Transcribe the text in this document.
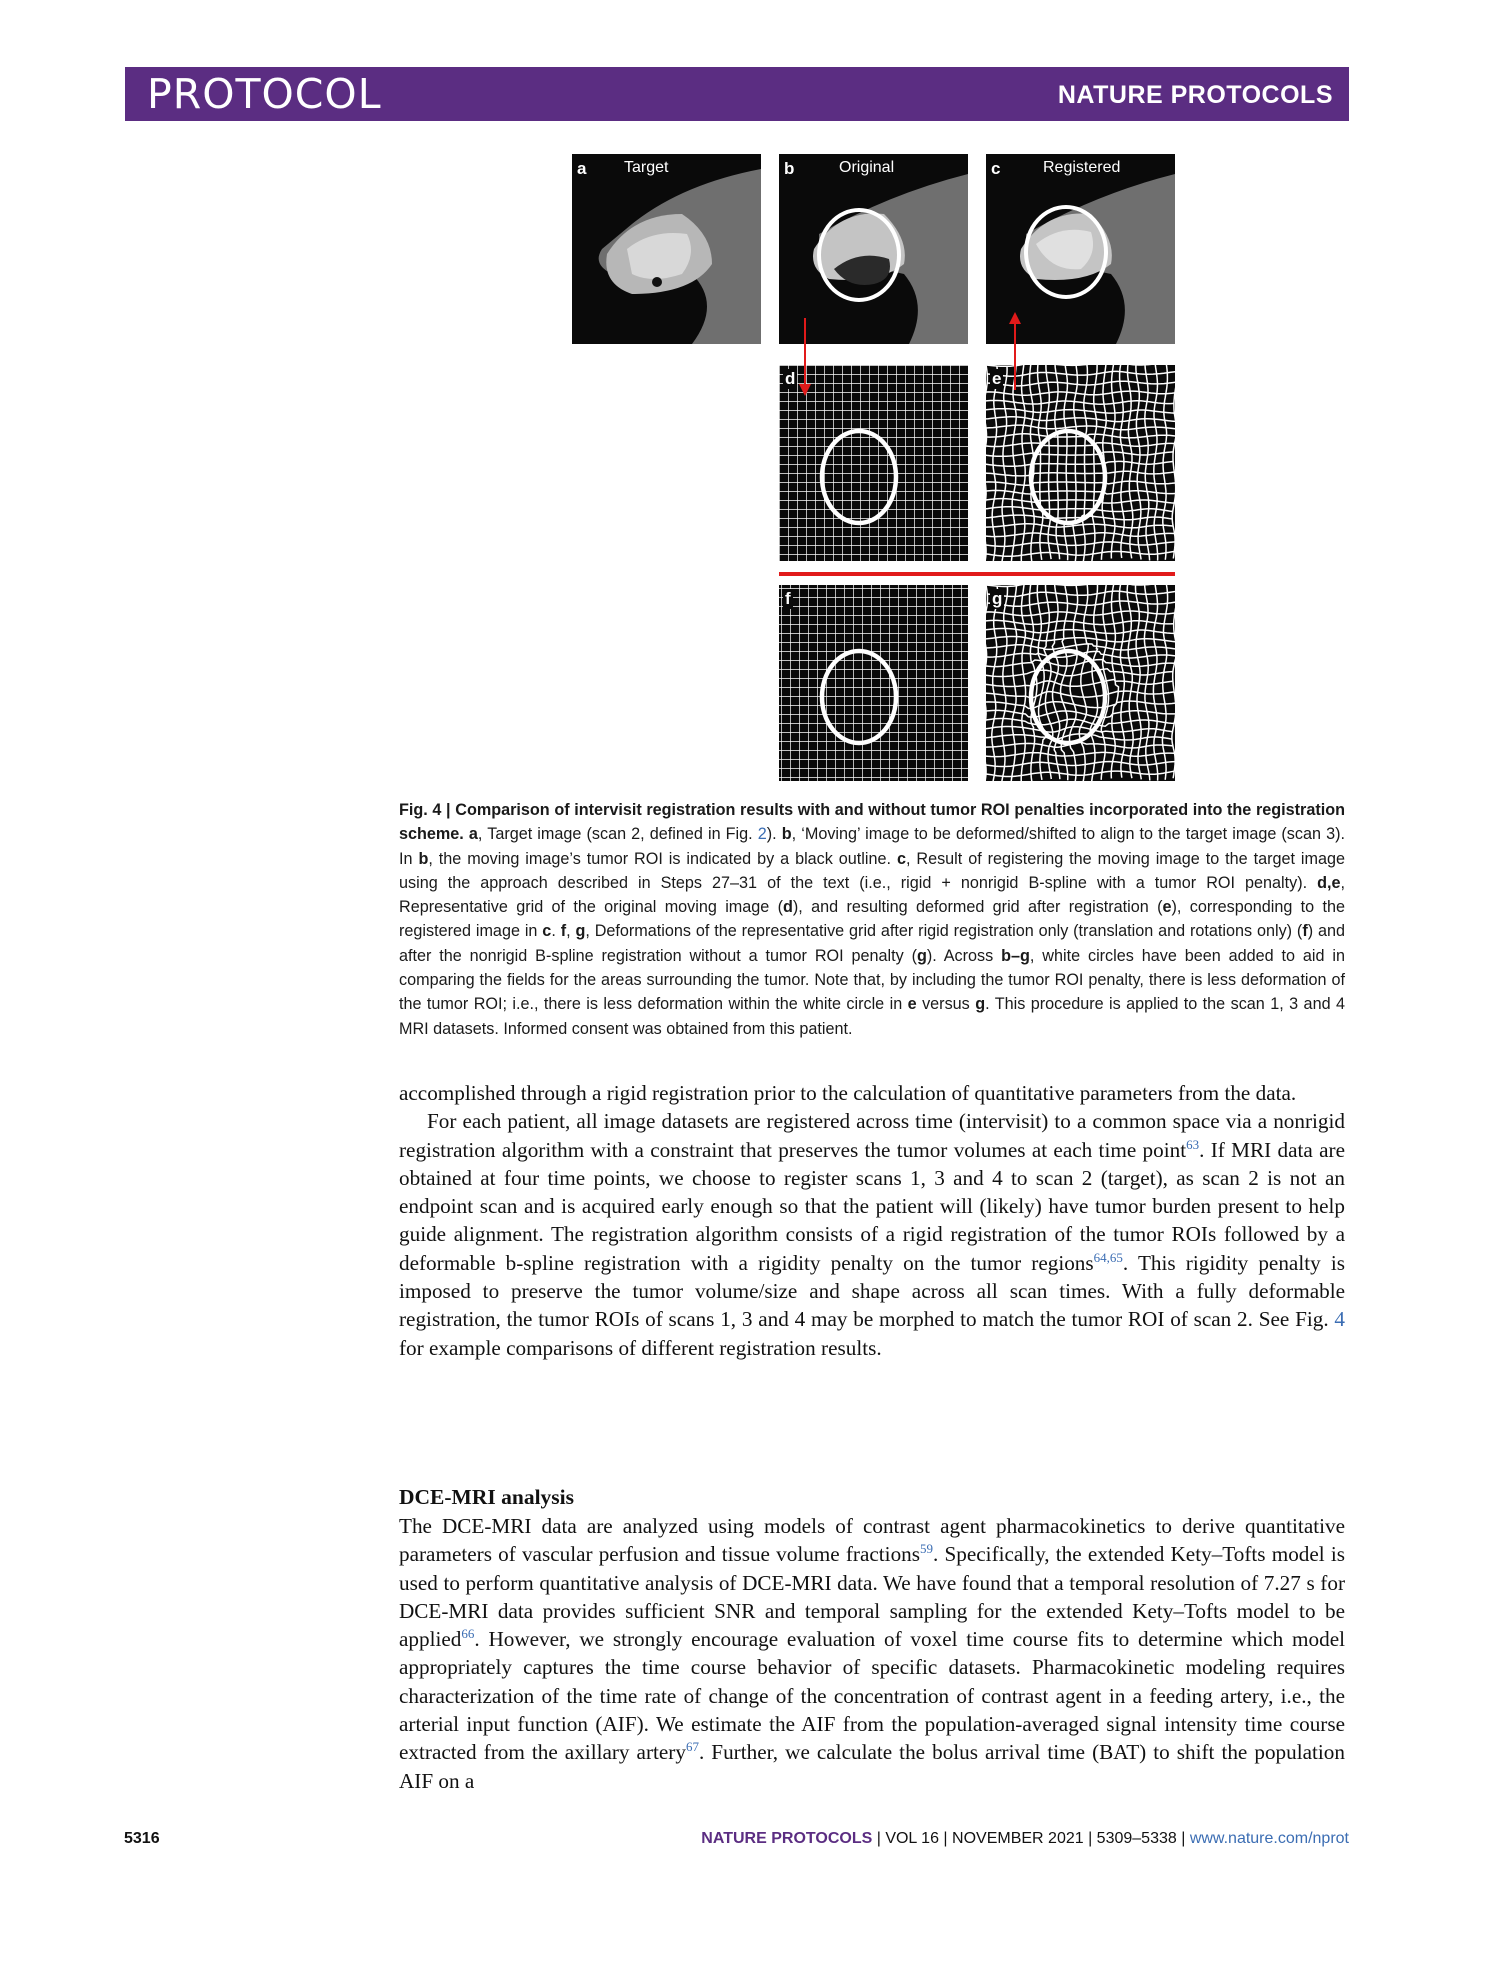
PROTOCOL	NATURE PROTOCOLS
a Target	b	Original	c	Registered
d	e
f	g
Fig. 4 | Comparison of intervisit registration results with and without tumor ROI penalties incorporated into the registration scheme. a, Target image (scan 2, defined in Fig. 2). b, ‘Moving’ image to be deformed/shifted to align to the target image (scan 3). In b, the moving image’s tumor ROI is indicated by a black outline. c, Result of registering the moving image to the target image using the approach described in Steps 27–31 of the text (i.e., rigid + nonrigid B-spline with a tumor ROI penalty). d,e, Representative grid of the original moving image (d), and resulting deformed grid after registration (e), corresponding to the registered image in c. f, g, Deformations of the representative grid after rigid registration only (translation and rotations only) (f) and after the nonrigid B-spline registration without a tumor ROI penalty (g). Across b–g, white circles have been added to aid in comparing the fields for the areas surrounding the tumor. Note that, by including the tumor ROI penalty, there is less deformation of the tumor ROI; i.e., there is less deformation within the white circle in e versus g. This procedure is applied to the scan 1, 3 and 4 MRI datasets. Informed consent was obtained from this patient.

accomplished through a rigid registration prior to the calculation of quantitative parameters from the data.

For each patient, all image datasets are registered across time (intervisit) to a common space via a nonrigid registration algorithm with a constraint that preserves the tumor volumes at each time point$^{63}$. If MRI data are obtained at four time points, we choose to register scans 1, 3 and 4 to scan 2 (target), as scan 2 is not an endpoint scan and is acquired early enough so that the patient will (likely) have tumor burden present to help guide alignment. The registration algorithm consists of a rigid registration of the tumor ROIs followed by a deformable b-spline registration with a rigidity penalty on the tumor regions$^{64,65}$. This rigidity penalty is imposed to preserve the tumor volume/size and shape across all scan times. With a fully deformable registration, the tumor ROIs of scans 1, 3 and 4 may be morphed to match the tumor ROI of scan 2. See Fig. 4 for example comparisons of different registration results.

DCE-MRI analysis

The DCE-MRI data are analyzed using models of contrast agent pharmacokinetics to derive quantitative parameters of vascular perfusion and tissue volume fractions$^{59}$. Specifically, the extended Kety–Tofts model is used to perform quantitative analysis of DCE-MRI data. We have found that a temporal resolution of 7.27 s for DCE-MRI data provides sufficient SNR and temporal sampling for the extended Kety–Tofts model to be applied$^{66}$. However, we strongly encourage evaluation of voxel time course fits to determine which model appropriately captures the time course behavior of specific datasets. Pharmacokinetic modeling requires characterization of the time rate of change of the concentration of contrast agent in a feeding artery, i.e., the arterial input function (AIF). We estimate the AIF from the population-averaged signal intensity time course extracted from the axillary artery$^{67}$. Further, we calculate the bolus arrival time (BAT) to shift the population AIF on a

5316	NATURE PROTOCOLS | VOL 16 | NOVEMBER 2021 | 5309–5338 | www.nature.com/nprot
